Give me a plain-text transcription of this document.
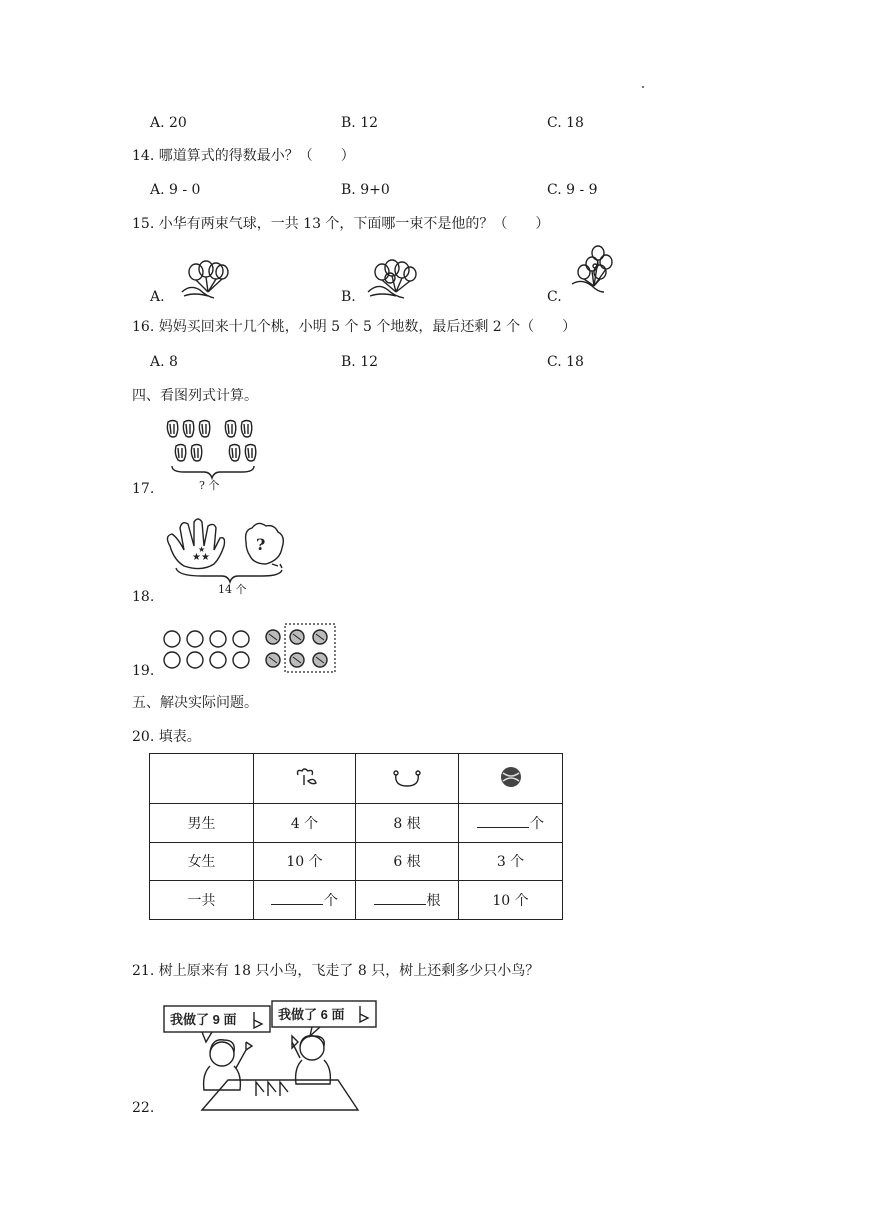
A. 20	B. 12	C. 18
14. 哪道算式的得数最小？（　　）
A. 9 - 0	B. 9+0	C. 9 - 9
15. 小华有两束气球，一共 13 个，下面哪一束不是他的？（　　）
A.	B.	C.
16. 妈妈买回来十几个桃，小明 5 个 5 个地数，最后还剩 2 个（　　）
A. 8	B. 12	C. 18
四、看图列式计算。
17.	? 个
18.
★★
★	?
14 个
19.
五、解决实际问题。
20. 填表。

男生	4 个	8 根	个
女生	10 个	6 根	3 个
一共	个	根	10 个
21. 树上原来有 18 只小鸟，飞走了 8 只，树上还剩多少只小鸟？
22.
我做了 9 面	我做了 6 面
